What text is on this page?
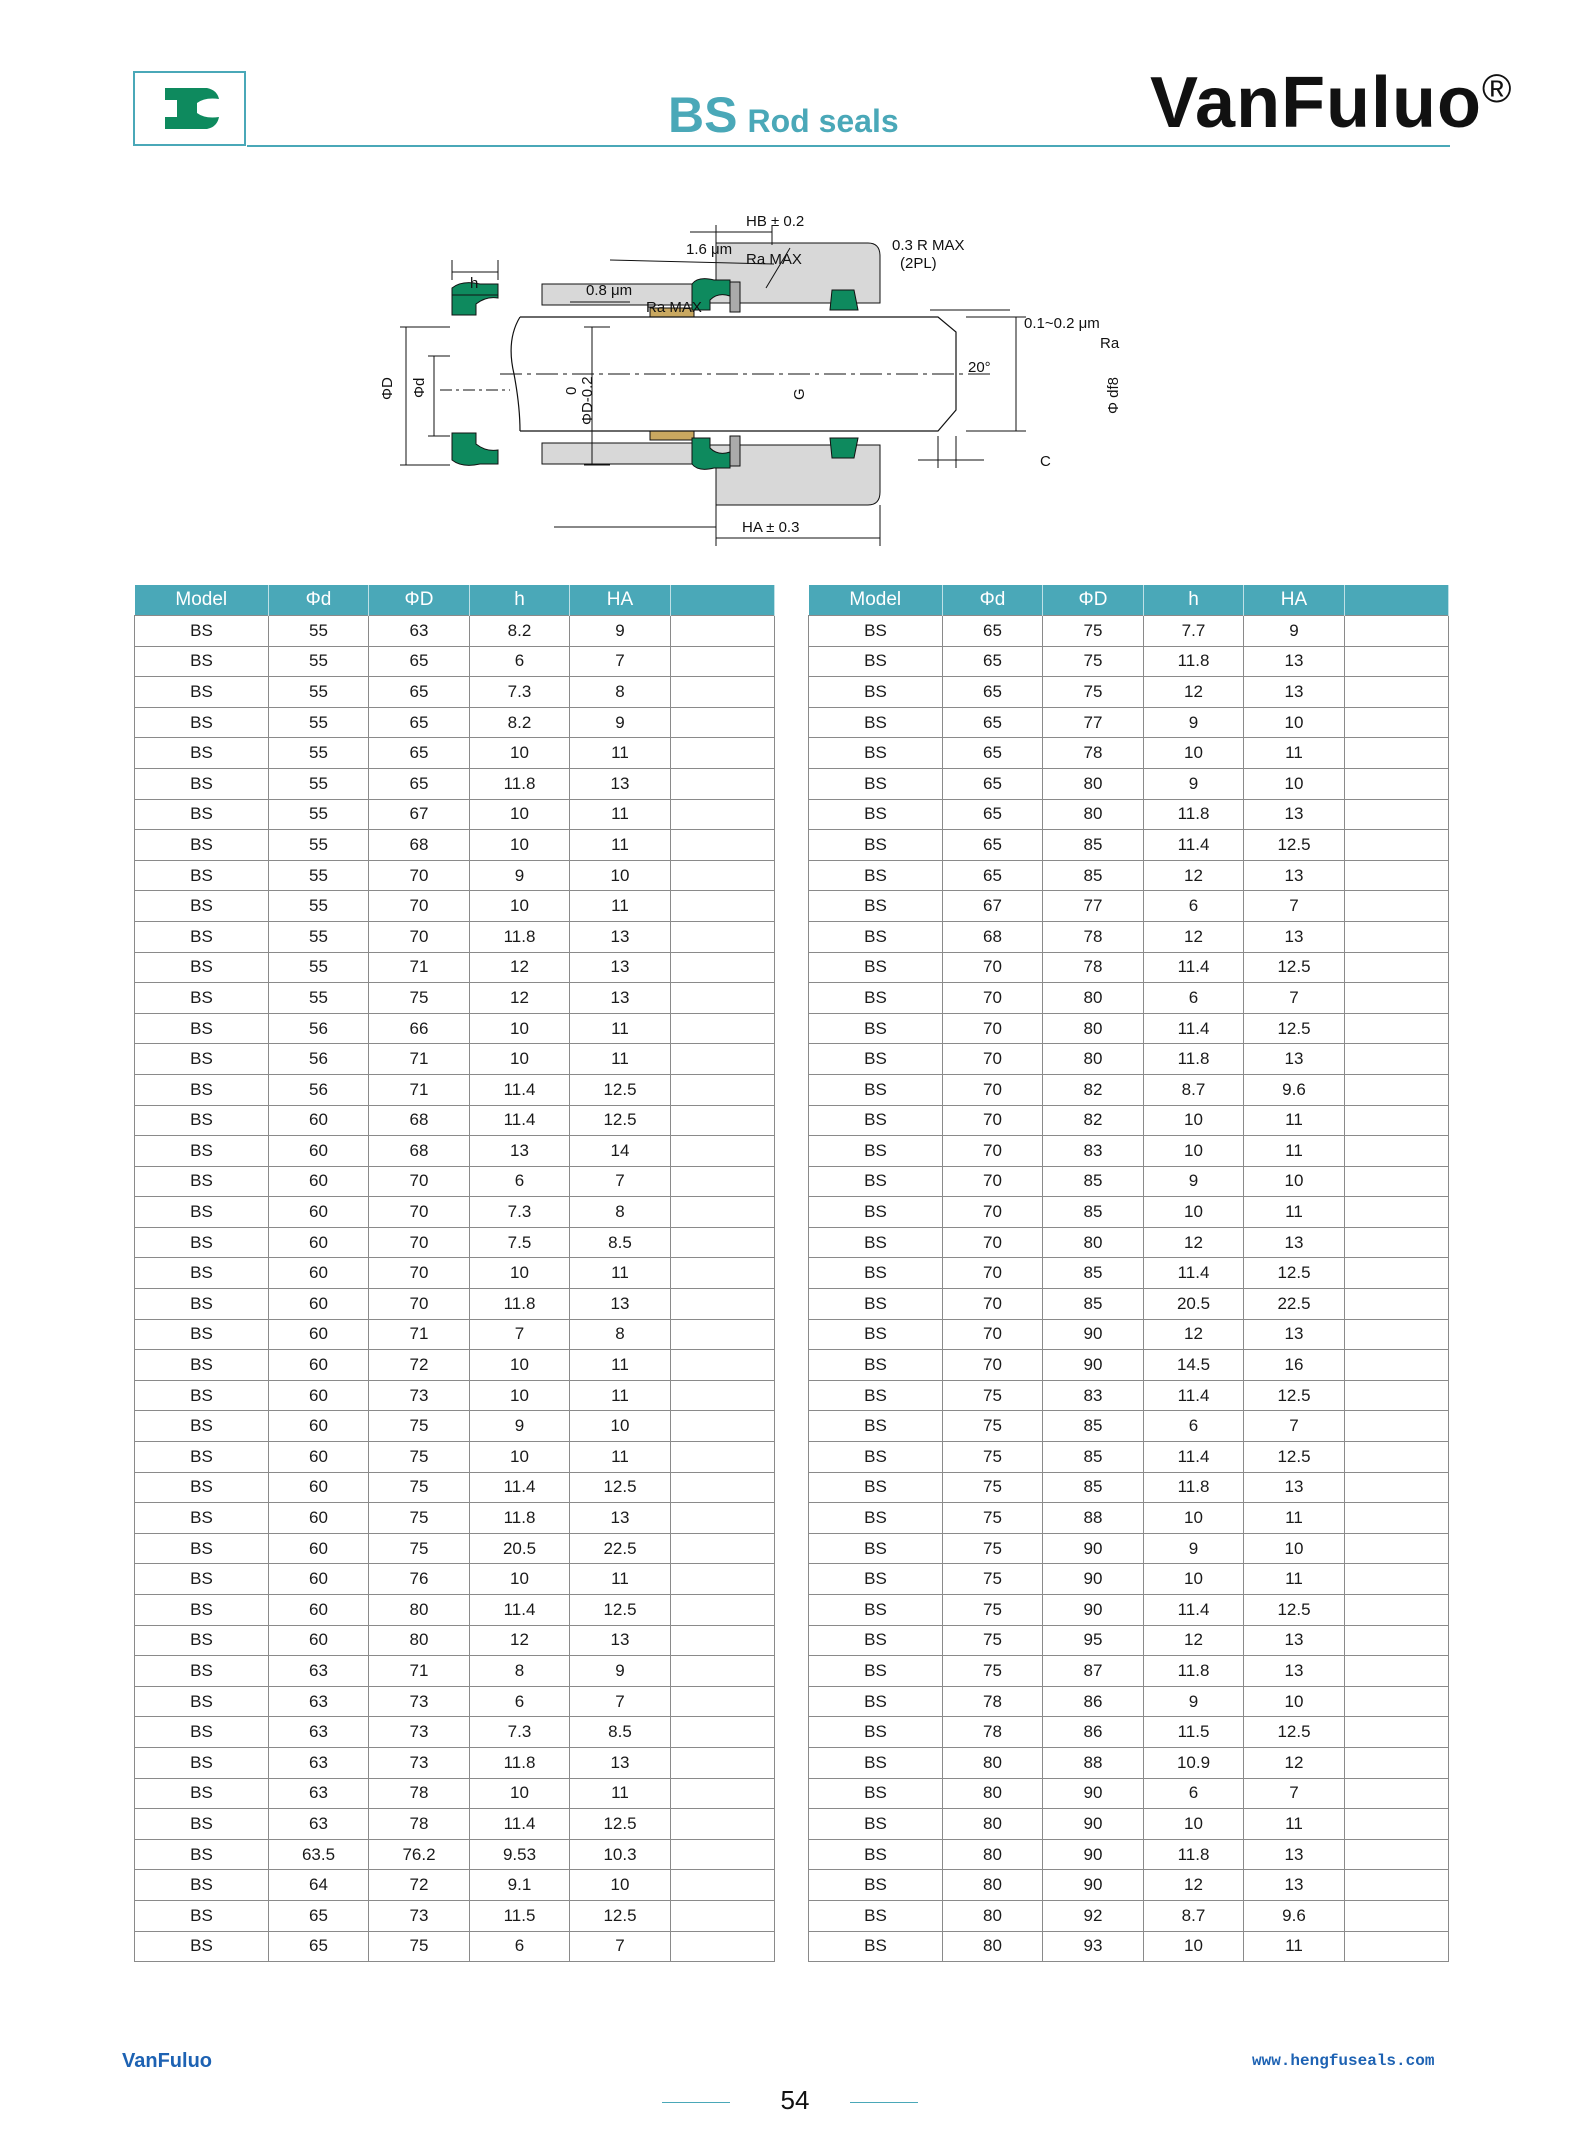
BS Rod seals	VanFuluo®
h
ΦD Φd
HB ± 0.2
1.6 μm
Ra MAX
0.3 R MAX
(2PL)
0.8 μm
Ra MAX
0.1~0.2 μm
Ra
0 ΦD-0.2	G
20°
Φ df8
C
HA ± 0.3
Model	Φd	ΦD	h	HA	
BS	55	63	8.2	9	
BS	55	65	6	7	
BS	55	65	7.3	8	
BS	55	65	8.2	9	
BS	55	65	10	11	
BS	55	65	11.8	13	
BS	55	67	10	11	
BS	55	68	10	11	
BS	55	70	9	10	
BS	55	70	10	11	
BS	55	70	11.8	13	
BS	55	71	12	13	
BS	55	75	12	13	
BS	56	66	10	11	
BS	56	71	10	11	
BS	56	71	11.4	12.5	
BS	60	68	11.4	12.5	
BS	60	68	13	14	
BS	60	70	6	7	
BS	60	70	7.3	8	
BS	60	70	7.5	8.5	
BS	60	70	10	11	
BS	60	70	11.8	13	
BS	60	71	7	8	
BS	60	72	10	11	
BS	60	73	10	11	
BS	60	75	9	10	
BS	60	75	10	11	
BS	60	75	11.4	12.5	
BS	60	75	11.8	13	
BS	60	75	20.5	22.5	
BS	60	76	10	11	
BS	60	80	11.4	12.5	
BS	60	80	12	13	
BS	63	71	8	9	
BS	63	73	6	7	
BS	63	73	7.3	8.5	
BS	63	73	11.8	13	
BS	63	78	10	11	
BS	63	78	11.4	12.5	
BS	63.5	76.2	9.53	10.3	
BS	64	72	9.1	10	
BS	65	73	11.5	12.5	
BS	65	75	6	7	
Model	Φd	ΦD	h	HA	
BS	65	75	7.7	9	
BS	65	75	11.8	13	
BS	65	75	12	13	
BS	65	77	9	10	
BS	65	78	10	11	
BS	65	80	9	10	
BS	65	80	11.8	13	
BS	65	85	11.4	12.5	
BS	65	85	12	13	
BS	67	77	6	7	
BS	68	78	12	13	
BS	70	78	11.4	12.5	
BS	70	80	6	7	
BS	70	80	11.4	12.5	
BS	70	80	11.8	13	
BS	70	82	8.7	9.6	
BS	70	82	10	11	
BS	70	83	10	11	
BS	70	85	9	10	
BS	70	85	10	11	
BS	70	80	12	13	
BS	70	85	11.4	12.5	
BS	70	85	20.5	22.5	
BS	70	90	12	13	
BS	70	90	14.5	16	
BS	75	83	11.4	12.5	
BS	75	85	6	7	
BS	75	85	11.4	12.5	
BS	75	85	11.8	13	
BS	75	88	10	11	
BS	75	90	9	10	
BS	75	90	10	11	
BS	75	90	11.4	12.5	
BS	75	95	12	13	
BS	75	87	11.8	13	
BS	78	86	9	10	
BS	78	86	11.5	12.5	
BS	80	88	10.9	12	
BS	80	90	6	7	
BS	80	90	10	11	
BS	80	90	11.8	13	
BS	80	90	12	13	
BS	80	92	8.7	9.6	
BS	80	93	10	11	
VanFuluo	www.hengfuseals.com
54
